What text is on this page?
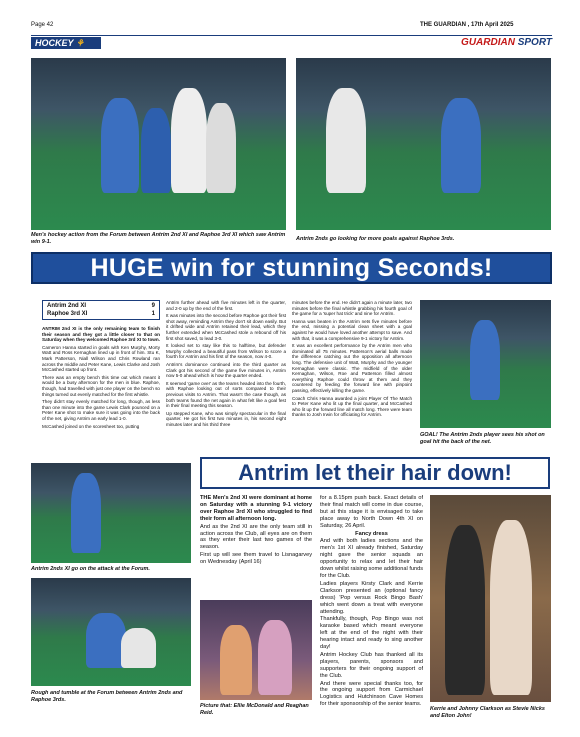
Page 42	THE GUARDIAN , 17th April 2025
HOCKEY ⚘	GUARDIAN SPORT
Men's hockey action from the Forum between Antrim 2nd XI and Raphoe 3rd XI which saw Antrim win 9-1.	Antrim 2nds go looking for more goals against Raphoe 3rds.
HUGE win for stunning Seconds!
Antrim 2nd XI	9
Raphoe 3rd XI	1

ANTRIM 2nd XI is the only remaining team to finish their season and they got a little closer to that on Saturday when they welcomed Raphoe 3rd XI to town.

Cameron Hanna started in goals with Ken Murphy, Morty Watt and Ross Kernaghan lined up in front of him. Stu K, Mark Patterson, Niall Wilson and Chris Rowland ran across the middle and Peter Kane, Lewis Clarke and Josh McCashed started up front.

There was an empty bench this time out which meant it would be a busy afternoon for the men in blue. Raphoe, though, had travelled with just one player on the bench so things turned out evenly matched for the first whistle.

They didn't stay evenly matched for long, though, as less than one minute into the game Lewis Clark pounced on a Peter Kane shot to make sure it was going into the back of the net, giving Antrim an early lead 1-0.

McCashed joined on the scoresheet too, putting

Antrim further ahead with five minutes left in the quarter, and 2-0 up by the end of the first.

It was minutes into the second before Raphoe got their first shot away, reminding Antrim they don't sit down easily. But it drifted wide and Antrim retained their lead, which they further extended when McCashed stole a rebound off his first shot saved, to lead 3-0.

It looked set to stay like this to halftime, but defender Murphy collected a beautiful pass from Wilson to score a fourth for Antrim and his first of the season, now 4-0.

Antrim's dominance continued into the third quarter as Clark got his second of the game five minutes in, Antrim now 5-0 ahead which is how the quarter ended.

It seemed 'game over' as the teams headed into the fourth, with Raphoe looking out of sorts compared to their previous visits to Antrim. That wasn't the case though, as both teams found the net again in what felt like a goal fest in their final meeting this season.

Up stepped Kane, who was simply spectacular in the final quarter. He got his first two minutes in, his second eight minutes later and his third three

minutes before the end. He didn't again a minute later, two minutes before the final whistle grabbing his fourth goal of the game for a 'super hat trick' and nine for Antrim.

Hanna was beaten in the Antrim nets five minutes before the end, missing a potential clean sheet with a goal against he would have loved another attempt to save. And with that, it was a comprehensive 9-1 victory for Antrim.

It was an excellent performance by the Antrim men who dominated all 75 minutes. Patterson's aerial balls made the difference catching out the opposition all afternoon long. The defensive unit of Watt, Murphy and the younger Kernaghan were classic. The midfield of the older Kernaghan, Wilson, Roe and Patterson filled almost everything Raphoe could throw at them and they countered by feeding the forward line with pinpoint passing, effectively killing the game.

Coach Chris Hanna awarded a joint Player Of The Match to Peter Kane who lit up the final quarter, and McCashed who lit up the forward line all match long. There were team thanks to Josh Irwin for officiating for Antrim.

GOAL! The Antrim 2nds player sees his shot on goal hit the back of the net.
Antrim 2nds XI go on the attack at the Forum.
Rough and tumble at the Forum between Antrim 2nds and Raphoe 3rds.
Antrim let their hair down!

THE Men's 2nd XI were dominant at home on Saturday with a stunning 9-1 victory over Raphoe 3rd XI who struggled to find their form all afternoon long.

And as the 2nd XI are the only team still in action across the Club, all eyes are on them as they enter their last two games of the season.

First up will see them travel to Lisnagarvey on Wednesday (April 16)

Picture that: Ellie McDonald and Reaghan Reid.

for a 8.15pm push back. Exact details of their final match will come in due course, but at this stage it is envisaged to take place away to North Down 4th XI on Saturday, 26 April.

Fancy dress

And with both ladies sections and the men's 1st XI already finished, Saturday night gave the senior squads an opportunity to relax and let their hair down whilst raising some additional funds for the Club.

Ladies players Kirsty Clark and Kerrie Clarkson presented an (optional fancy dress) 'Pop versus Rock Bingo Bash' which went down a treat with everyone attending.

Thankfully, though, Pop Bingo was not karaoke based which meant everyone left at the end of the night with their hearing intact and ready to sing another day!

Antrim Hockey Club has thanked all its players, parents, sponsors and supporters for their ongoing support of the Club.

And there were special thanks too, for the ongoing support from Carmichael Logistics and Hutchinson Cave Homes for their sponsorship of the senior teams.

Kerrie and Johnny Clarkson as Stevie Nicks and Elton John!
